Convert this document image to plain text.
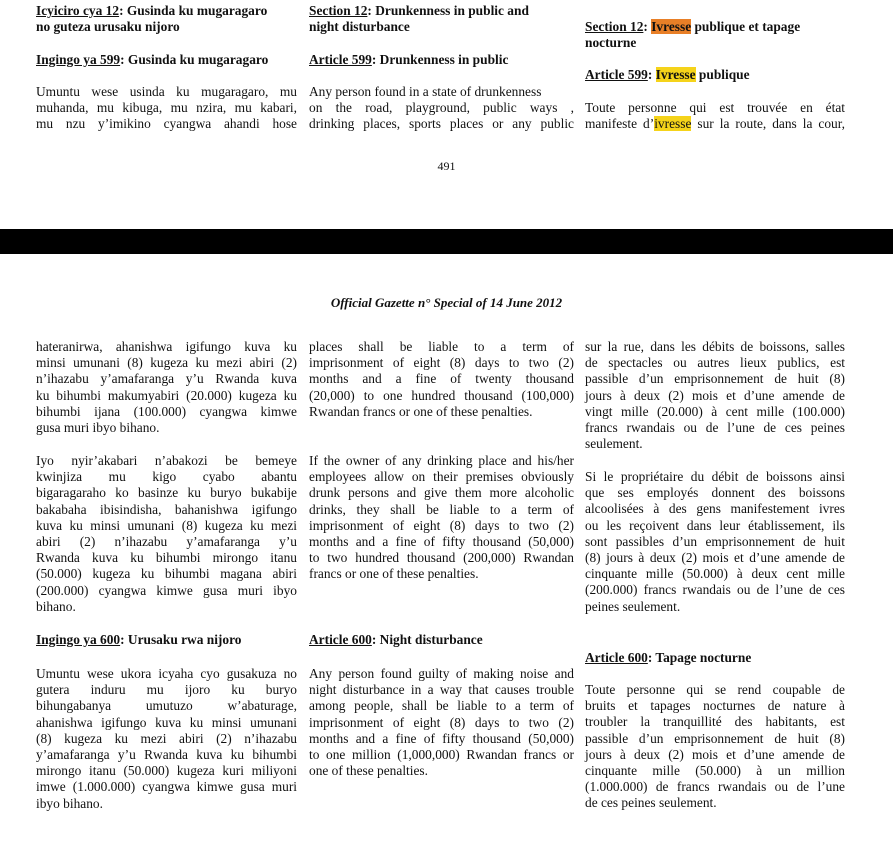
Icyiciro cya 12: Gusinda ku mugaragaro
no guteza urusaku nijoro
Section 12: Drunkenness in public and
night disturbance	Section 12: Ivresse publique et tapage
nocturne
Ingingo ya 599: Gusinda ku mugaragaro	Article 599: Drunkenness in public
Article 599: Ivresse publique
Umuntu wese usinda ku mugaragaro, mu
muhanda, mu kibuga, mu nzira, mu kabari,
mu nzu y’imikino cyangwa ahandi hose
Any person found in a state of drunkenness
on the road, playground, public ways ,
drinking places, sports places or any public
Toute personne qui est trouvée en état
manifeste d’ivresse sur la route, dans la cour,
491
Official Gazette n° Special of 14 June 2012
hateranirwa, ahanishwa igifungo kuva ku
minsi umunani (8) kugeza ku mezi abiri (2)
n’ihazabu y’amafaranga y’u Rwanda kuva
ku bihumbi makumyabiri (20.000) kugeza ku
bihumbi ijana (100.000) cyangwa kimwe
gusa muri ibyo bihano.
places shall be liable to a term of
imprisonment of eight (8) days to two (2)
months and a fine of twenty thousand
(20,000) to one hundred thousand (100,000)
Rwandan francs or one of these penalties.
sur la rue, dans les débits de boissons, salles
de spectacles ou autres lieux publics, est
passible d’un emprisonnement de huit (8)
jours à deux (2) mois et d’une amende de
vingt mille (20.000) à cent mille (100.000)
francs rwandais ou de l’une de ces peines
seulement.
Iyo nyir’akabari n’abakozi be bemeye
kwinjiza mu kigo cyabo abantu
bigaragaraho ko basinze ku buryo bukabije
bakabaha ibisindisha, bahanishwa igifungo
kuva ku minsi umunani (8) kugeza ku mezi
abiri (2) n’ihazabu y’amafaranga y’u
Rwanda kuva ku bihumbi mirongo itanu
(50.000) kugeza ku bihumbi magana abiri
(200.000) cyangwa kimwe gusa muri ibyo
bihano.
If the owner of any drinking place and his/her
employees allow on their premises obviously
drunk persons and give them more alcoholic
drinks, they shall be liable to a term of
imprisonment of eight (8) days to two (2)
months and a fine of fifty thousand (50,000)
to two hundred thousand (200,000) Rwandan
francs or one of these penalties.
Si le propriétaire du débit de boissons ainsi
que ses employés donnent des boissons
alcoolisées à des gens manifestement ivres
ou les reçoivent dans leur établissement, ils
sont passibles d’un emprisonnement de huit
(8) jours à deux (2) mois et d’une amende de
cinquante mille (50.000) à deux cent mille
(200.000) francs rwandais ou de l’une de ces
peines seulement.
Ingingo ya 600: Urusaku rwa nijoro	Article 600: Night disturbance
Article 600: Tapage nocturne
Umuntu wese ukora icyaha cyo gusakuza no
gutera induru mu ijoro ku buryo
bihungabanya umutuzo w’abaturage,
ahanishwa igifungo kuva ku minsi umunani
(8) kugeza ku mezi abiri (2) n’ihazabu
y’amafaranga y’u Rwanda kuva ku bihumbi
mirongo itanu (50.000) kugeza kuri miliyoni
imwe (1.000.000) cyangwa kimwe gusa muri
ibyo bihano.
Any person found guilty of making noise and
night disturbance in a way that causes trouble
among people, shall be liable to a term of
imprisonment of eight (8) days to two (2)
months and a fine of fifty thousand (50,000)
to one million (1,000,000) Rwandan francs or
one of these penalties.
Toute personne qui se rend coupable de
bruits et tapages nocturnes de nature à
troubler la tranquillité des habitants, est
passible d’un emprisonnement de huit (8)
jours à deux (2) mois et d’une amende de
cinquante mille (50.000) à un million
(1.000.000) de francs rwandais ou de l’une
de ces peines seulement.
